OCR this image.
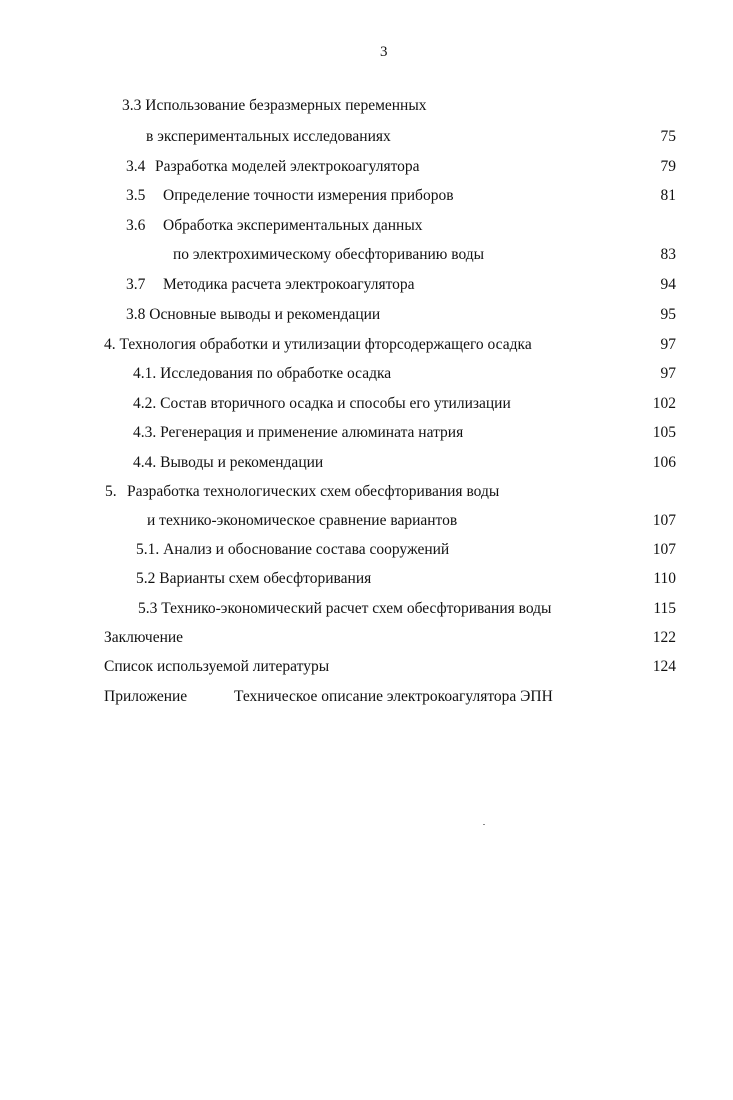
3
3.3 Использование безразмерных переменных
в экспериментальных исследованиях	75
3.4 Разработка моделей электрокоагулятора	79
3.5 Определение точности измерения приборов	81
3.6 Обработка экспериментальных данных
по электрохимическому обесфториванию воды	83
3.7 Методика расчета электрокоагулятора	94
3.8 Основные выводы и рекомендации	95
4. Технология обработки и утилизации фторсодержащего осадка	97
4.1. Исследования по обработке осадка	97
4.2. Состав вторичного осадка и способы его утилизации	102
4.3. Регенерация и применение алюмината натрия	105
4.4. Выводы и рекомендации	106
5. Разработка технологических схем обесфторивания воды
и технико-экономическое сравнение вариантов	107
5.1. Анализ и обоснование состава сооружений	107
5.2 Варианты схем обесфторивания	110
5.3 Технико-экономический расчет схем обесфторивания воды	115
Заключение	122
Список используемой литературы	124
Приложение	Техническое описание электрокоагулятора ЭПН
